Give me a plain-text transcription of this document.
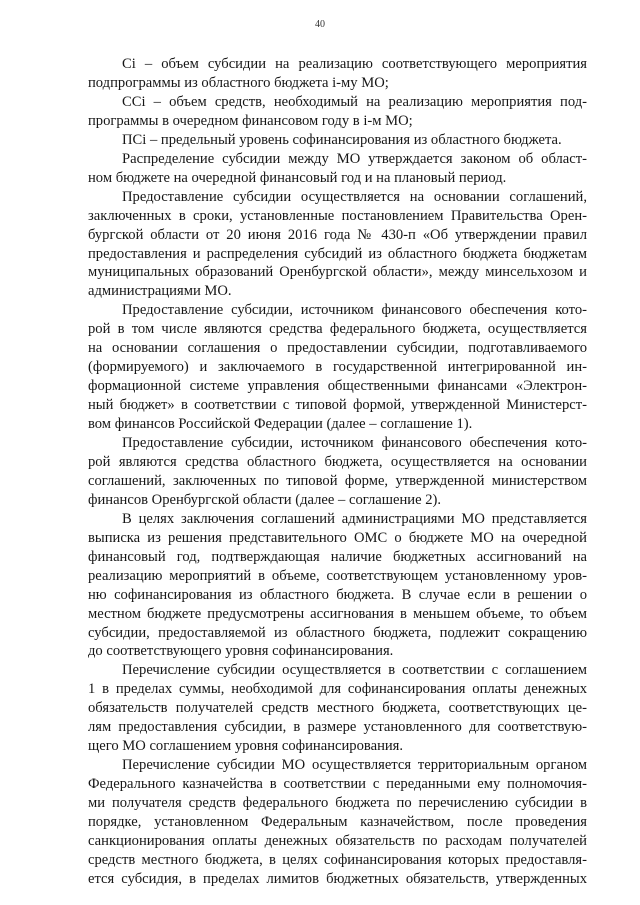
40
Ci – объем субсидии на реализацию соответствующего мероприятия
подпрограммы из областного бюджета i-му МО;
CCi – объем средств, необходимый на реализацию мероприятия под-
программы в очередном финансовом году в i-м МО;
ПCi – предельный уровень софинансирования из областного бюджета.
Распределение субсидии между МО утверждается законом об област-
ном бюджете на очередной финансовый год и на плановый период.
Предоставление субсидии осуществляется на основании соглашений,
заключенных в сроки, установленные постановлением Правительства Орен-
бургской области от 20 июня 2016 года № 430-п «Об утверждении правил
предоставления и распределения субсидий из областного бюджета бюджетам
муниципальных образований Оренбургской области», между минсельхозом и
администрациями МО.
Предоставление субсидии, источником финансового обеспечения кото-
рой в том числе являются средства федерального бюджета, осуществляется
на основании соглашения о предоставлении субсидии, подготавливаемого
(формируемого) и заключаемого в государственной интегрированной ин-
формационной системе управления общественными финансами «Электрон-
ный бюджет» в соответствии с типовой формой, утвержденной Министерст-
вом финансов Российской Федерации (далее – соглашение 1).
Предоставление субсидии, источником финансового обеспечения кото-
рой являются средства областного бюджета, осуществляется на основании
соглашений, заключенных по типовой форме, утвержденной министерством
финансов Оренбургской области (далее – соглашение 2).
В целях заключения соглашений администрациями МО представляется
выписка из решения представительного ОМС о бюджете МО на очередной
финансовый год, подтверждающая наличие бюджетных ассигнований на
реализацию мероприятий в объеме, соответствующем установленному уров-
ню софинансирования из областного бюджета. В случае если в решении о
местном бюджете предусмотрены ассигнования в меньшем объеме, то объем
субсидии, предоставляемой из областного бюджета, подлежит сокращению
до соответствующего уровня софинансирования.
Перечисление субсидии осуществляется в соответствии с соглашением
1 в пределах суммы, необходимой для софинансирования оплаты денежных
обязательств получателей средств местного бюджета, соответствующих це-
лям предоставления субсидии, в размере установленного для соответствую-
щего МО соглашением уровня софинансирования.
Перечисление субсидии МО осуществляется территориальным органом
Федерального казначейства в соответствии с переданными ему полномочия-
ми получателя средств федерального бюджета по перечислению субсидии в
порядке, установленном Федеральным казначейством, после проведения
санкционирования оплаты денежных обязательств по расходам получателей
средств местного бюджета, в целях софинансирования которых предоставля-
ется субсидия, в пределах лимитов бюджетных обязательств, утвержденных
